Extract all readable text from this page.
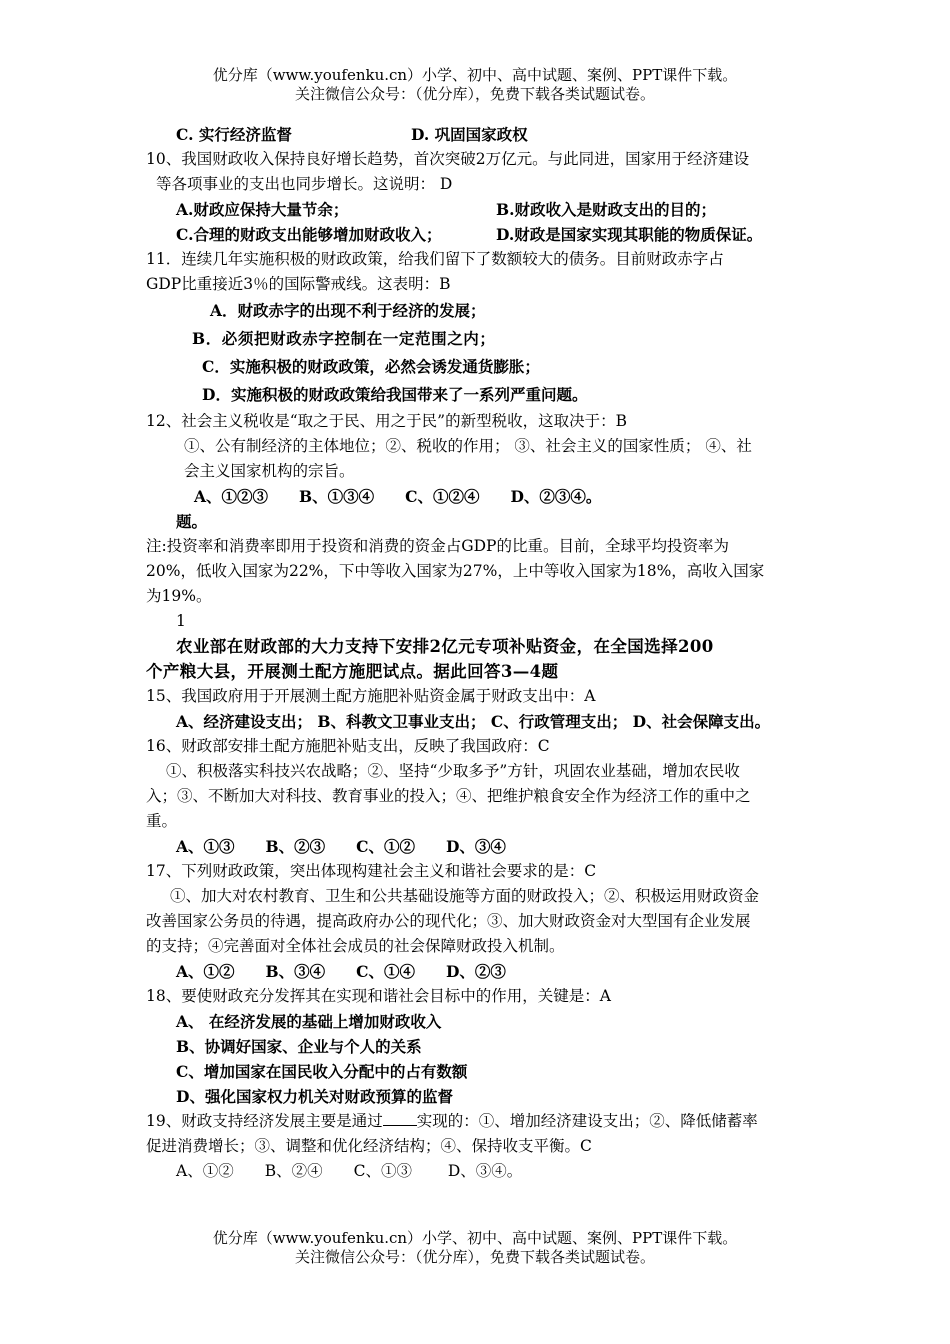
优分库（www.youfenku.cn）小学、初中、高中试题、案例、PPT课件下载。
关注微信公众号：（优分库），免费下载各类试题试卷。
C. 实行经济监督	D. 巩固国家政权
10、我国财政收入保持良好增长趋势，首次突破2万亿元。与此同进，国家用于经济建设
等各项事业的支出也同步增长。这说明： D
A.财政应保持大量节余；	B.财政收入是财政支出的目的；
C.合理的财政支出能够增加财政收入；	D.财政是国家实现其职能的物质保证。
11．连续几年实施积极的财政政策，给我们留下了数额较大的债务。目前财政赤字占
GDP比重接近3％的国际警戒线。这表明：B
A．财政赤字的出现不利于经济的发展；
B．必须把财政赤字控制在一定范围之内；
C．实施积极的财政政策，必然会诱发通货膨胀；
D．实施积极的财政政策给我国带来了一系列严重问题。
12、社会主义税收是“取之于民、用之于民”的新型税收，这取决于：B
①、公有制经济的主体地位；②、税收的作用； ③、社会主义的国家性质； ④、社
会主义国家机构的宗旨。
A、①②③　　B、①③④　　C、①②④　　D、②③④。
题。
注:投资率和消费率即用于投资和消费的资金占GDP的比重。目前，全球平均投资率为
20%，低收入国家为22%，下中等收入国家为27%，上中等收入国家为18%，高收入国家
为19%。
1
农业部在财政部的大力支持下安排2亿元专项补贴资金，在全国选择200
个产粮大县，开展测土配方施肥试点。据此回答3—4题
15、我国政府用于开展测土配方施肥补贴资金属于财政支出中：A
A、经济建设支出； B、科教文卫事业支出； C、行政管理支出； D、社会保障支出。
16、财政部安排土配方施肥补贴支出，反映了我国政府：C
①、积极落实科技兴农战略；②、坚持“少取多予”方针，巩固农业基础，增加农民收
入；③、不断加大对科技、教育事业的投入；④、把维护粮食安全作为经济工作的重中之
重。
A、①③　　B、②③　　C、①②　　D、③④
17、下列财政政策，突出体现构建社会主义和谐社会要求的是：C
①、加大对农村教育、卫生和公共基础设施等方面的财政投入；②、积极运用财政资金
改善国家公务员的待遇，提高政府办公的现代化；③、加大财政资金对大型国有企业发展
的支持；④完善面对全体社会成员的社会保障财政投入机制。
A、①②　　B、③④　　C、①④　　D、②③
18、要使财政充分发挥其在实现和谐社会目标中的作用，关键是：A
A、 在经济发展的基础上增加财政收入
B、协调好国家、企业与个人的关系
C、增加国家在国民收入分配中的占有数额
D、强化国家权力机关对财政预算的监督
19、财政支持经济发展主要是通过 实现的：①、增加经济建设支出；②、降低储蓄率
促进消费增长；③、调整和优化经济结构；④、保持收支平衡。C
A、①②　　B、②④　　C、①③　　 D、③④。
优分库（www.youfenku.cn）小学、初中、高中试题、案例、PPT课件下载。
关注微信公众号：（优分库），免费下载各类试题试卷。
